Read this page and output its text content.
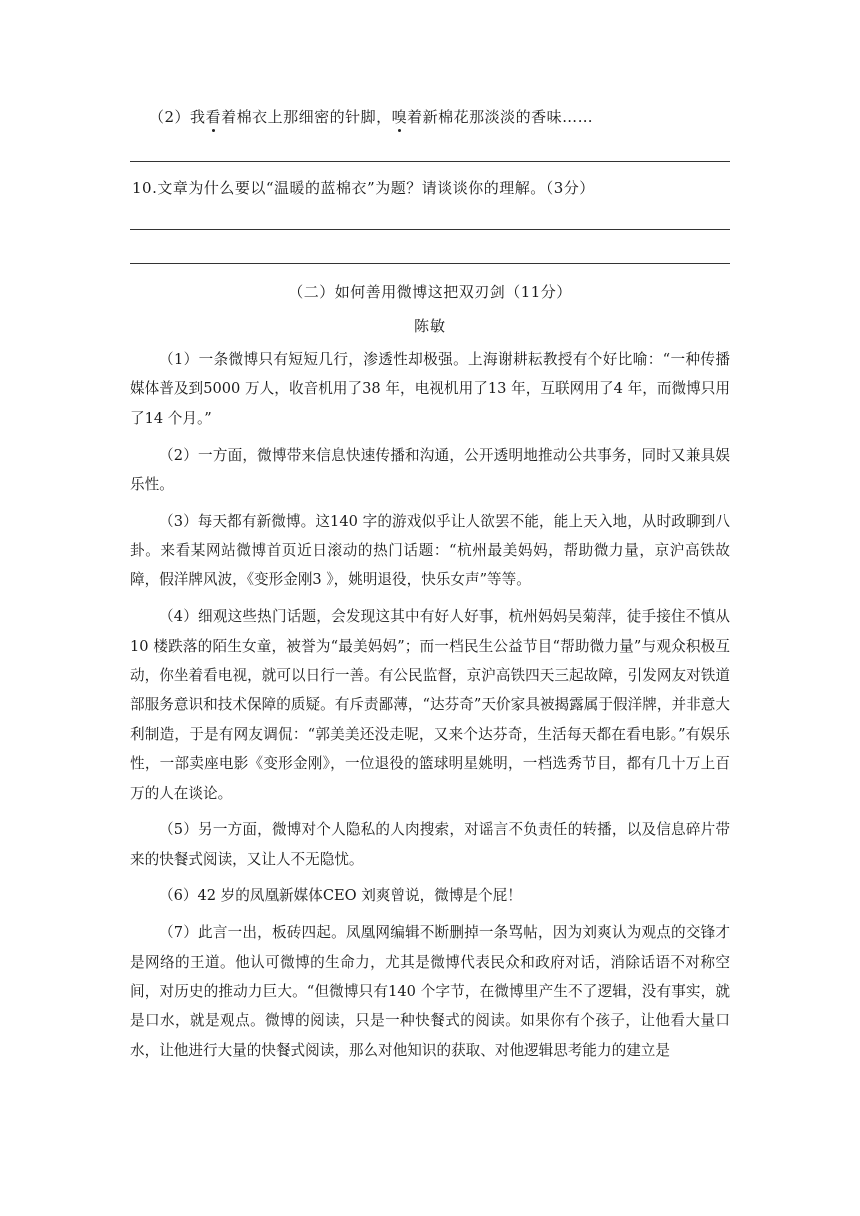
（2）我看着棉衣上那细密的针脚，嗅着新棉花那淡淡的香味……
10.文章为什么要以“温暖的蓝棉衣”为题？请谈谈你的理解。（3分）
（二）如何善用微博这把双刃剑（11分）
陈敏

（1）一条微博只有短短几行，渗透性却极强。上海谢耕耘教授有个好比喻：“一种传播媒体普及到5000 万人，收音机用了38 年，电视机用了13 年，互联网用了4 年，而微博只用了14 个月。”

（2）一方面，微博带来信息快速传播和沟通，公开透明地推动公共事务，同时又兼具娱乐性。

（3）每天都有新微博。这140 字的游戏似乎让人欲罢不能，能上天入地，从时政聊到八卦。来看某网站微博首页近日滚动的热门话题：“杭州最美妈妈，帮助微力量，京沪高铁故障，假洋牌风波，《变形金刚3 》，姚明退役，快乐女声”等等。

（4）细观这些热门话题，会发现这其中有好人好事，杭州妈妈吴菊萍，徒手接住不慎从10 楼跌落的陌生女童，被誉为“最美妈妈”；而一档民生公益节目“帮助微力量”与观众积极互动，你坐着看电视，就可以日行一善。有公民监督，京沪高铁四天三起故障，引发网友对铁道部服务意识和技术保障的质疑。有斥责鄙薄，“达芬奇”天价家具被揭露属于假洋牌，并非意大利制造，于是有网友调侃：“郭美美还没走呢，又来个达芬奇，生活每天都在看电影。”有娱乐性，一部卖座电影《变形金刚》，一位退役的篮球明星姚明，一档选秀节目，都有几十万上百万的人在谈论。

（5）另一方面，微博对个人隐私的人肉搜索，对谣言不负责任的转播，以及信息碎片带来的快餐式阅读，又让人不无隐忧。

（6）42 岁的凤凰新媒体CEO 刘爽曾说，微博是个屁！

（7）此言一出，板砖四起。凤凰网编辑不断删掉一条骂帖，因为刘爽认为观点的交锋才是网络的王道。他认可微博的生命力，尤其是微博代表民众和政府对话，消除话语不对称空间，对历史的推动力巨大。“但微博只有140 个字节，在微博里产生不了逻辑，没有事实，就是口水，就是观点。微博的阅读，只是一种快餐式的阅读。如果你有个孩子，让他看大量口水，让他进行大量的快餐式阅读，那么对他知识的获取、对他逻辑思考能力的建立是
